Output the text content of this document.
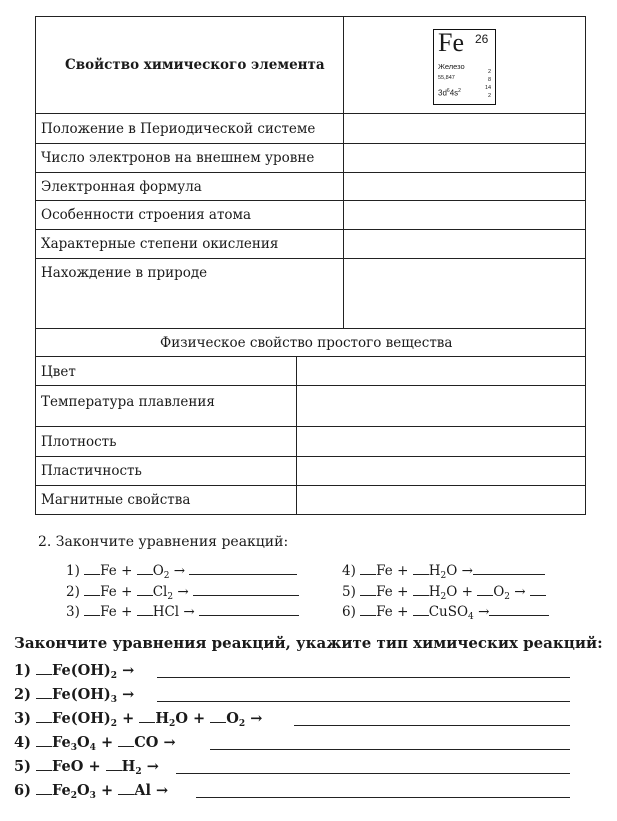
Свойство химического элемента
Fe 26
Железо
55,847
$3d^64s^2$
2
8
14
2
Положение в Периодической системе
Число электронов на внешнем уровне
Электронная формула
Особенности строения атома
Характерные степени окисления
Нахождение в природе
Физическое свойство простого вещества
Цвет
Температура плавления
Плотность
Пластичность
Магнитные свойства
2. Закончите уравнения реакций:
1) $Fe + O_2$ →
2) $Fe + Cl_2$ →
3) Fe + HCl →
4) $Fe + H_2O$ →
5) $Fe + H_2O + O_2$ →
6) Fe + CuSO$_4$ →
Закончите уравнения реакций, укажите тип химических реакций:
1) $Fe(OH)_2$ →
2) $Fe(OH)_3$ →
3) $Fe(OH)_2 + H_2O + O_2$ →
4) $Fe_3O_4$ + CO →
5) FeO + $H_2$ →
6) $Fe_2O_3 + Al$ →
